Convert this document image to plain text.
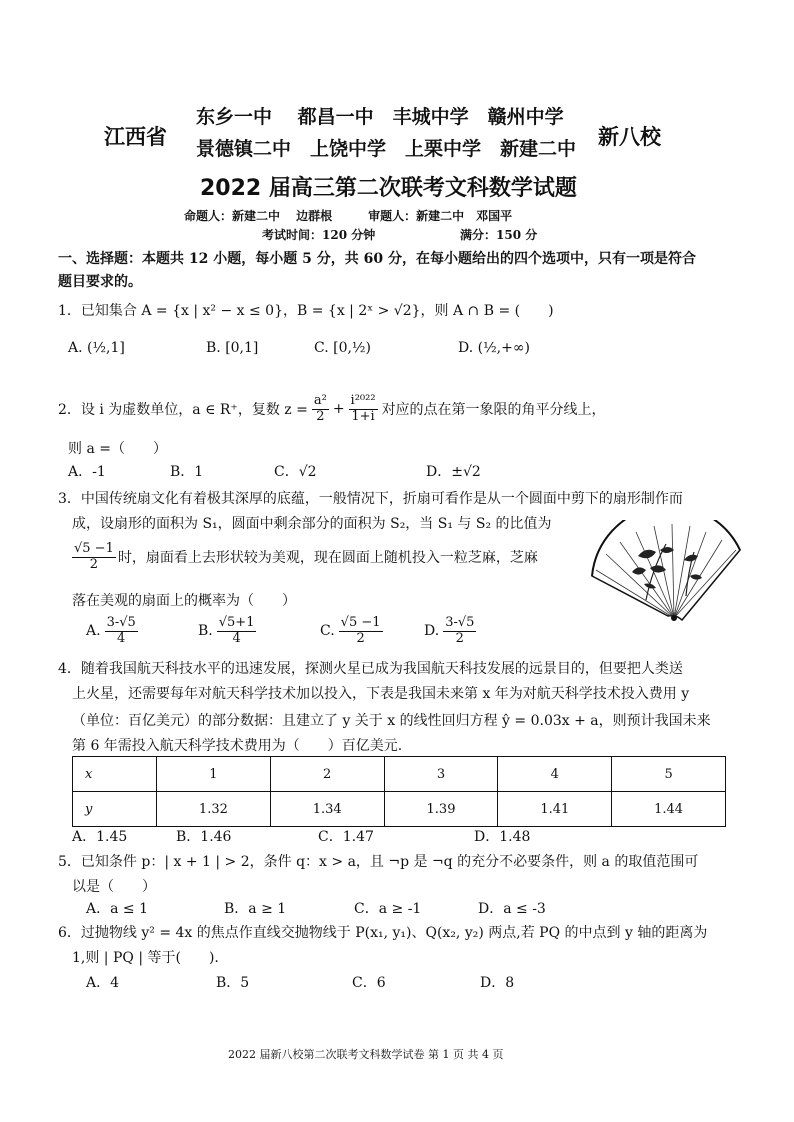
江西省
东乡一中　 都昌一中　丰城中学　赣州中学
景德镇二中　上饶中学　上栗中学　新建二中 新八校
2022 届高三第二次联考文科数学试题
命题人：新建二中　 边群根　　　审题人：新建二中　邓国平
考试时间：120 分钟	满分：150 分
一、选择题：本题共 12 小题，每小题 5 分，共 60 分，在每小题给出的四个选项中，只有一项是符合
题目要求的。
1．已知集合 A = {x | x² − x ≤ 0}，B = {x | 2ˣ > √2}，则 A ∩ B = (　　)
A. (½,1]	B. [0,1]	C. [0,½)	D. (½,+∞)
2．设 i 为虚数单位，a ∈ R⁺，复数 $z = \frac{\text{a²}}{2} + \frac{\text{i²⁰²²}}{1+i}$ 对应的点在第一象限的角平分线上，
则 a =（　　）
A．-1	B．1	C．√2	D．±√2
3．中国传统扇文化有着极其深厚的底蕴，一般情况下，折扇可看作是从一个圆面中剪下的扇形制作而
成，设扇形的面积为 S₁，圆面中剩余部分的面积为 S₂，当 S₁ 与 S₂ 的比值为
$\frac{√5 -1}{2}$ 时，扇面看上去形状较为美观，现在圆面上随机投入一粒芝麻，芝麻
落在美观的扇面上的概率为（　　）
A. $\frac{3-√5}{4}$	B. $\frac{√5+1}{4}$	C. $\frac{√5 -1}{2}$	D. $\frac{3-√5}{2}$
4．随着我国航天科技水平的迅速发展，探测火星已成为我国航天科技发展的远景目的，但要把人类送
上火星，还需要每年对航天科学技术加以投入，下表是我国未来第 x 年为对航天科学技术投入费用 y
（单位：百亿美元）的部分数据：且建立了 y 关于 x 的线性回归方程 ŷ = 0.03x + a，则预计我国未来
第 6 年需投入航天科学技术费用为（　　）百亿美元.
x	1	2	3	4	5
y	1.32	1.34	1.39	1.41	1.44
A．1.45	B．1.46	C．1.47	D．1.48
5．已知条件 p：| x + 1 | > 2，条件 q：x > a，且 ¬p 是 ¬q 的充分不必要条件，则 a 的取值范围可
以是（　　）
A．a ≤ 1	B．a ≥ 1	C．a ≥ -1	D．a ≤ -3
6．过抛物线 y² = 4x 的焦点作直线交抛物线于 P(x₁, y₁)、Q(x₂, y₂) 两点,若 PQ 的中点到 y 轴的距离为
1,则 | PQ | 等于(　　).
A．4	B．5	C．6	D．8
2022 届新八校第二次联考文科数学试卷 第 1 页 共 4 页
